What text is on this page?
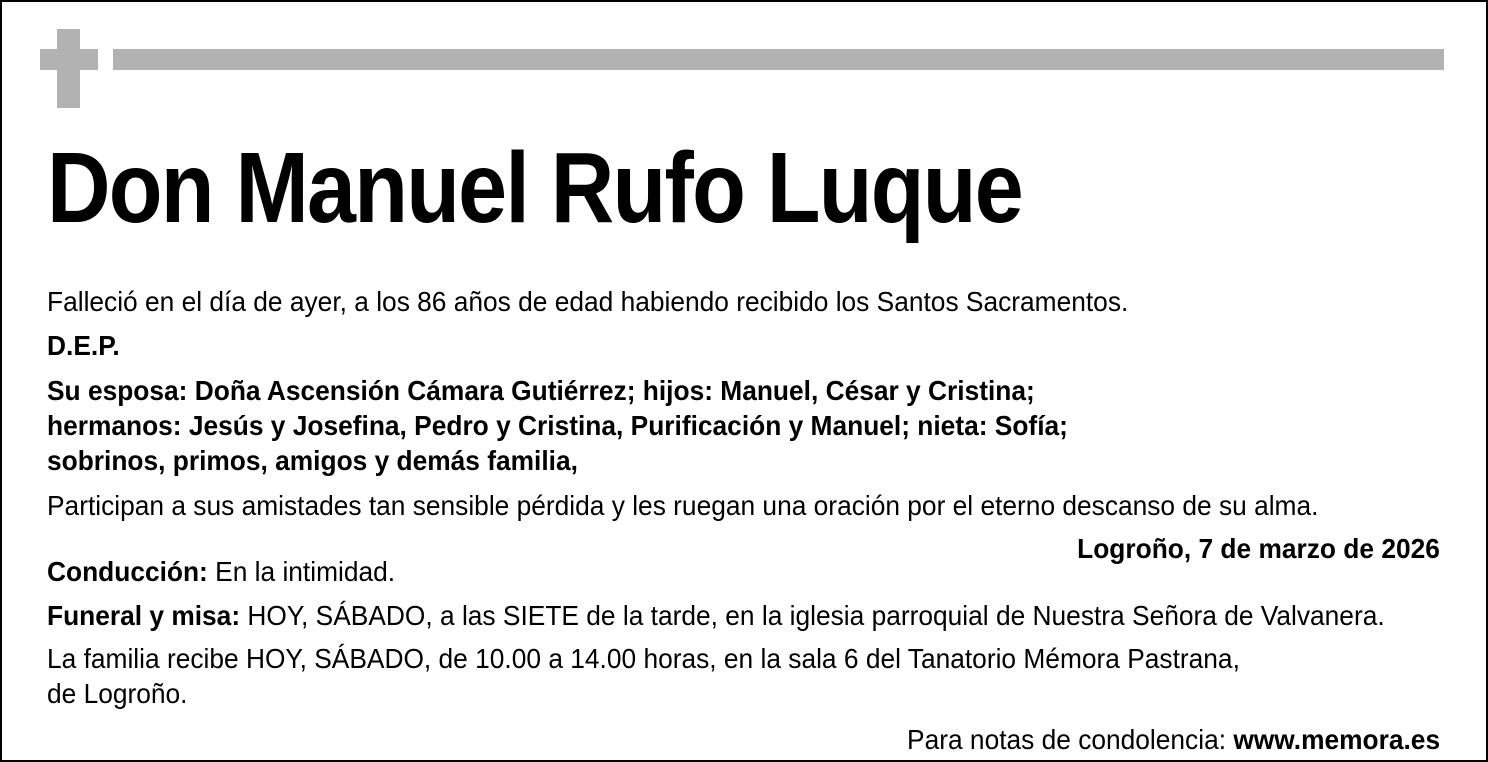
Don Manuel Rufo Luque

Falleció en el día de ayer, a los 86 años de edad habiendo recibido los Santos Sacramentos.

D.E.P.

Su esposa: Doña Ascensión Cámara Gutiérrez; hijos: Manuel, César y Cristina;
hermanos: Jesús y Josefina, Pedro y Cristina, Purificación y Manuel; nieta: Sofía;
sobrinos, primos, amigos y demás familia,

Participan a sus amistades tan sensible pérdida y les ruegan una oración por el eterno descanso de su alma.

Logroño, 7 de marzo de 2026

Conducción: En la intimidad.

Funeral y misa: HOY, SÁBADO, a las SIETE de la tarde, en la iglesia parroquial de Nuestra Señora de Valvanera.

La familia recibe HOY, SÁBADO, de 10.00 a 14.00 horas, en la sala 6 del Tanatorio Mémora Pastrana,
de Logroño.

Para notas de condolencia: www.memora.es
